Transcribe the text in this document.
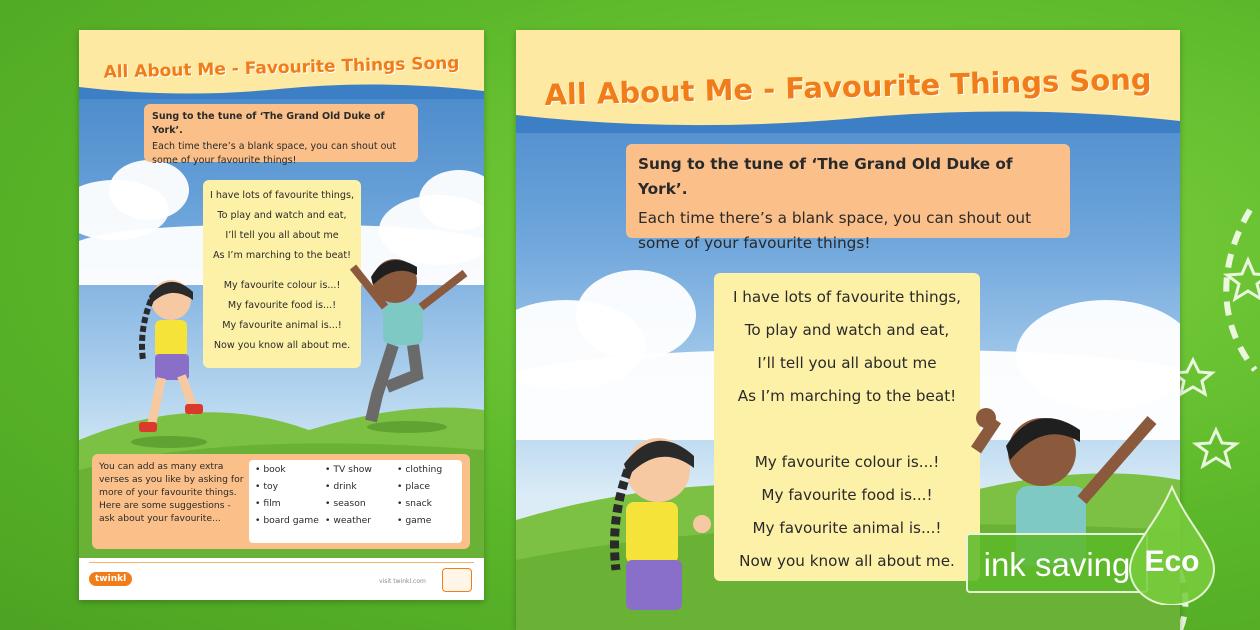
All About Me - Favourite Things Song
Sung to the tune of ‘The Grand Old Duke of York’.
Each time there’s a blank space, you can shout out some of your favourite things!
I have lots of favourite things,
To play and watch and eat,
I’ll tell you all about me
As I’m marching to the beat!
My favourite colour is...!
My favourite food is...!
My favourite animal is...!
Now you know all about me.
You can add as many extra verses as you like by asking for more of your favourite things. Here are some suggestions - ask about your favourite...
• book	• TV show	• clothing
• toy	• drink	• place
• film	• season	• snack
• board game • weather	• game
twinkl	visit twinkl.com
All About Me - Favourite Things Song
Sung to the tune of ‘The Grand Old Duke of York’.
Each time there’s a blank space, you can shout out some of your favourite things!
I have lots of favourite things,
To play and watch and eat,
I’ll tell you all about me
As I’m marching to the beat!
My favourite colour is...!
My favourite food is...!
My favourite animal is...!
Now you know all about me. ink saving Eco
